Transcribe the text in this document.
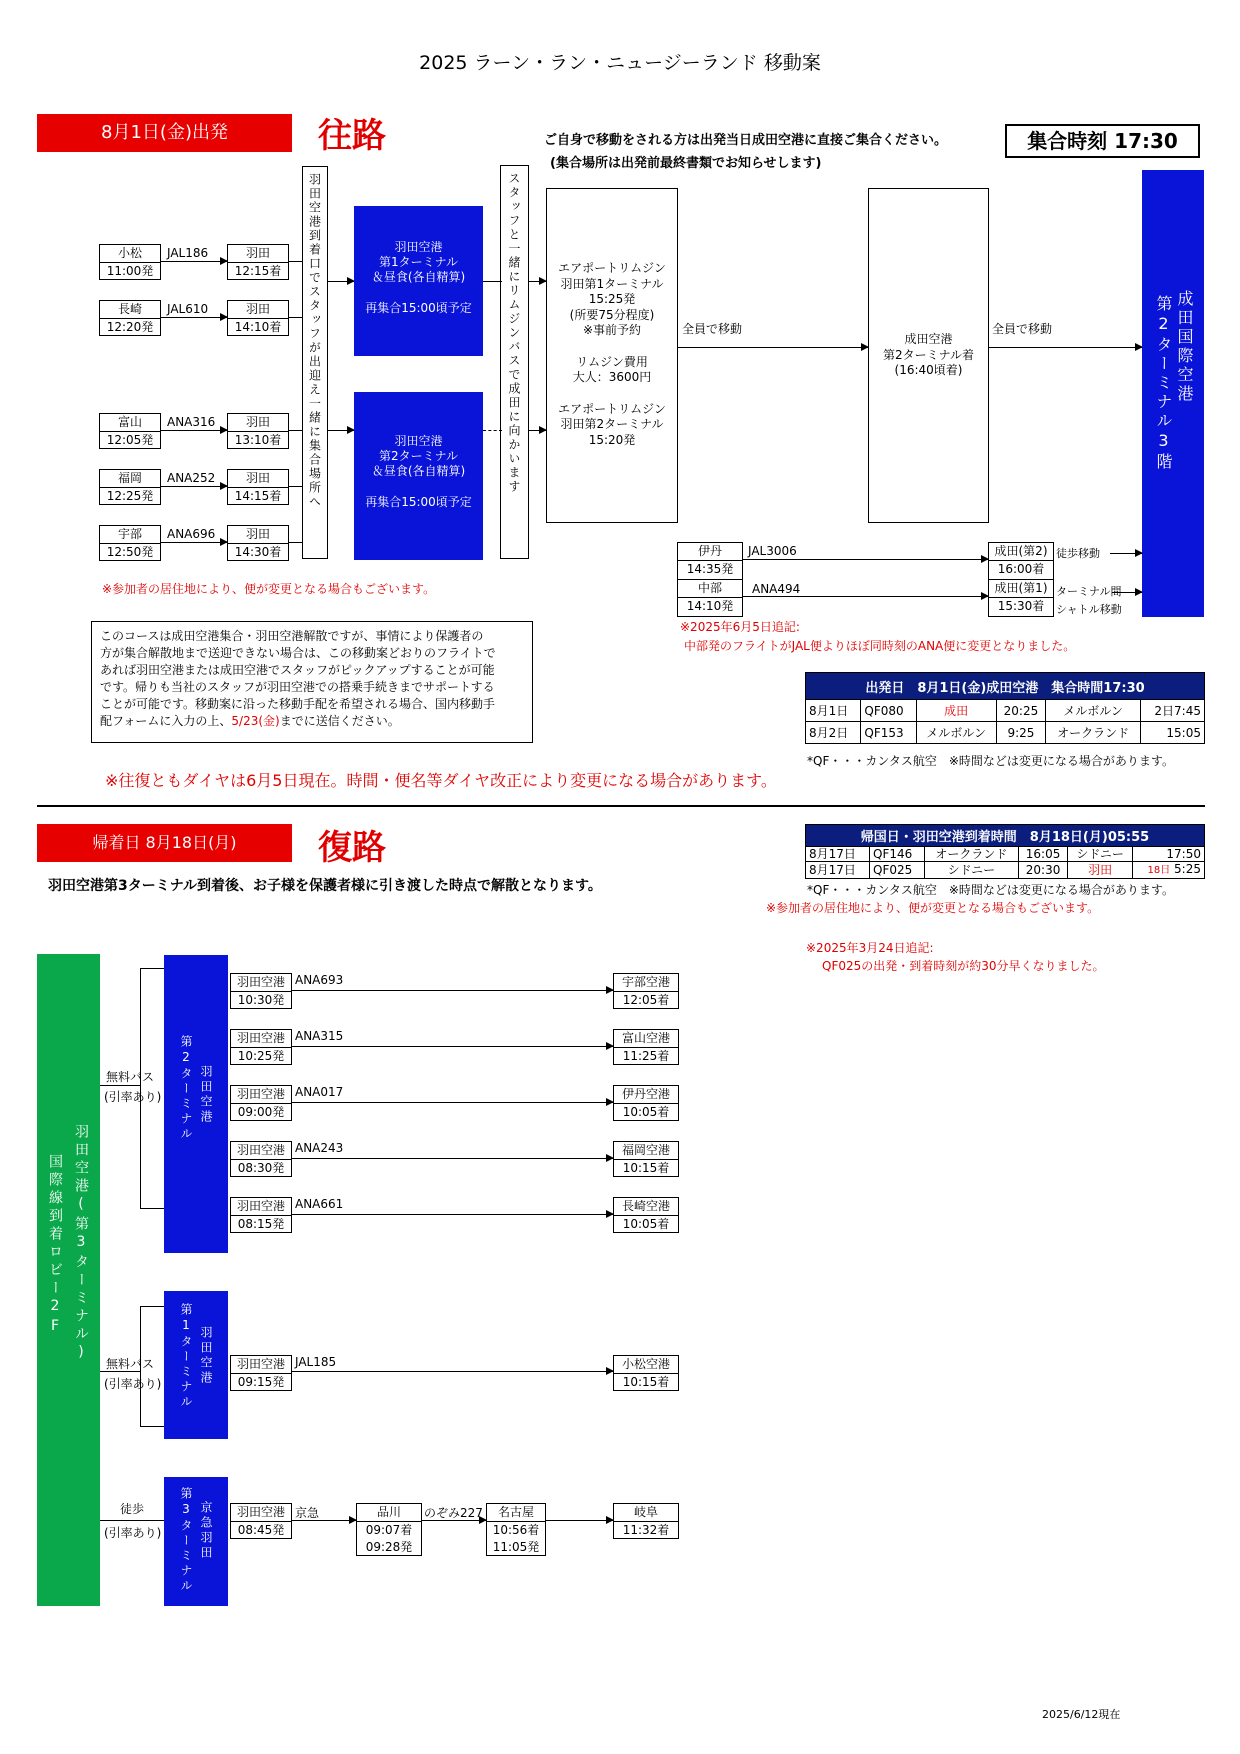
2025 ラーン・ラン・ニュージーランド 移動案
8月1日(金)出発	往路	ご自身で移動をされる方は出発当日成田空港に直接ご集合ください。
(集合場所は出発前最終書類でお知らせします)
集合時刻 17:30
小松
11:00発
JAL186	羽田
12:15着
長崎
12:20発
JAL610	羽田
14:10着
富山
12:05発
ANA316	羽田
13:10着
福岡
12:25発
ANA252	羽田
14:15着
宇部
12:50発
ANA696	羽田
14:30着
羽田空港到着口でスタッフが出迎え一緒に集合場所へ	羽田空港
第1ターミナル
＆昼食(各自精算)
再集合15:00頃予定
羽田空港
第2ターミナル
＆昼食(各自精算)
再集合15:00頃予定
スタッフと一緒にリムジンバスで成田に向かいます	エアポートリムジン
羽田第1ターミナル
15:25発
(所要75分程度)
※事前予約
リムジン費用
大人：3600円
エアポートリムジン
羽田第2ターミナル
15:20発
全員で移動
成田空港
第2ターミナル着
(16:40頃着)
全員で移動	成田国際空港
第2ターミナル3階
伊丹
14:35発
中部
14:10発
JAL3006
ANA494
成田(第2)
16:00着
成田(第1)
15:30着
徒歩移動
ターミナル間
シャトル移動
※参加者の居住地により、便が変更となる場合もございます。
※2025年6月5日追記:
中部発のフライトがJAL便よりほぼ同時刻のANA便に変更となりました。
このコースは成田空港集合・羽田空港解散ですが、事情により保護者の
方が集合解散地まで送迎できない場合は、この移動案どおりのフライトで
あれば羽田空港または成田空港でスタッフがピックアップすることが可能
です。帰りも当社のスタッフが羽田空港での搭乗手続きまでサポートする
ことが可能です。移動案に沿った移動手配を希望される場合、国内移動手
配フォームに入力の上、5/23(金)までに送信ください。
出発日　8月1日(金)成田空港　集合時間17:30					
8月1日	QF080	成田	20:25	メルボルン	2日7:45
8月2日	QF153	メルボルン	9:25	オークランド	15:05
*QF・・・カンタス航空　※時間などは変更になる場合があります。
※往復ともダイヤは6月5日現在。時間・便名等ダイヤ改正により変更になる場合があります。
帰着日 8月18日(月)	復路
羽田空港第3ターミナル到着後、お子様を保護者様に引き渡した時点で解散となります。
帰国日・羽田空港到着時間　8月18日(月)05:55					
8月17日	QF146	オークランド	16:05	シドニー	17:50
8月17日	QF025	シドニー	20:30	羽田	18日 5:25
*QF・・・カンタス航空　※時間などは変更になる場合があります。
※参加者の居住地により、便が変更となる場合もございます。
※2025年3月24日追記:
QF025の出発・到着時刻が約30分早くなりました。
羽田空港(第3ターミナル)
国際線到着ロビー2F
羽田空港
第2ターミナル
羽田空港
第1ターミナル
京急羽田
第3ターミナル
無料バス
(引率あり)
無料バス
(引率あり)
徒歩
(引率あり)
羽田空港
10:30発
ANA693	宇部空港
12:05着
羽田空港
10:25発
ANA315	富山空港
11:25着
羽田空港
09:00発
ANA017	伊丹空港
10:05着
羽田空港
08:30発
ANA243	福岡空港
10:15着
羽田空港
08:15発
ANA661	長崎空港
10:05着
羽田空港
09:15発
JAL185	小松空港
10:15着
羽田空港
08:45発
京急	品川
09:07着
09:28発
のぞみ227	名古屋
10:56着
11:05発
岐阜
11:32着
2025/6/12現在
